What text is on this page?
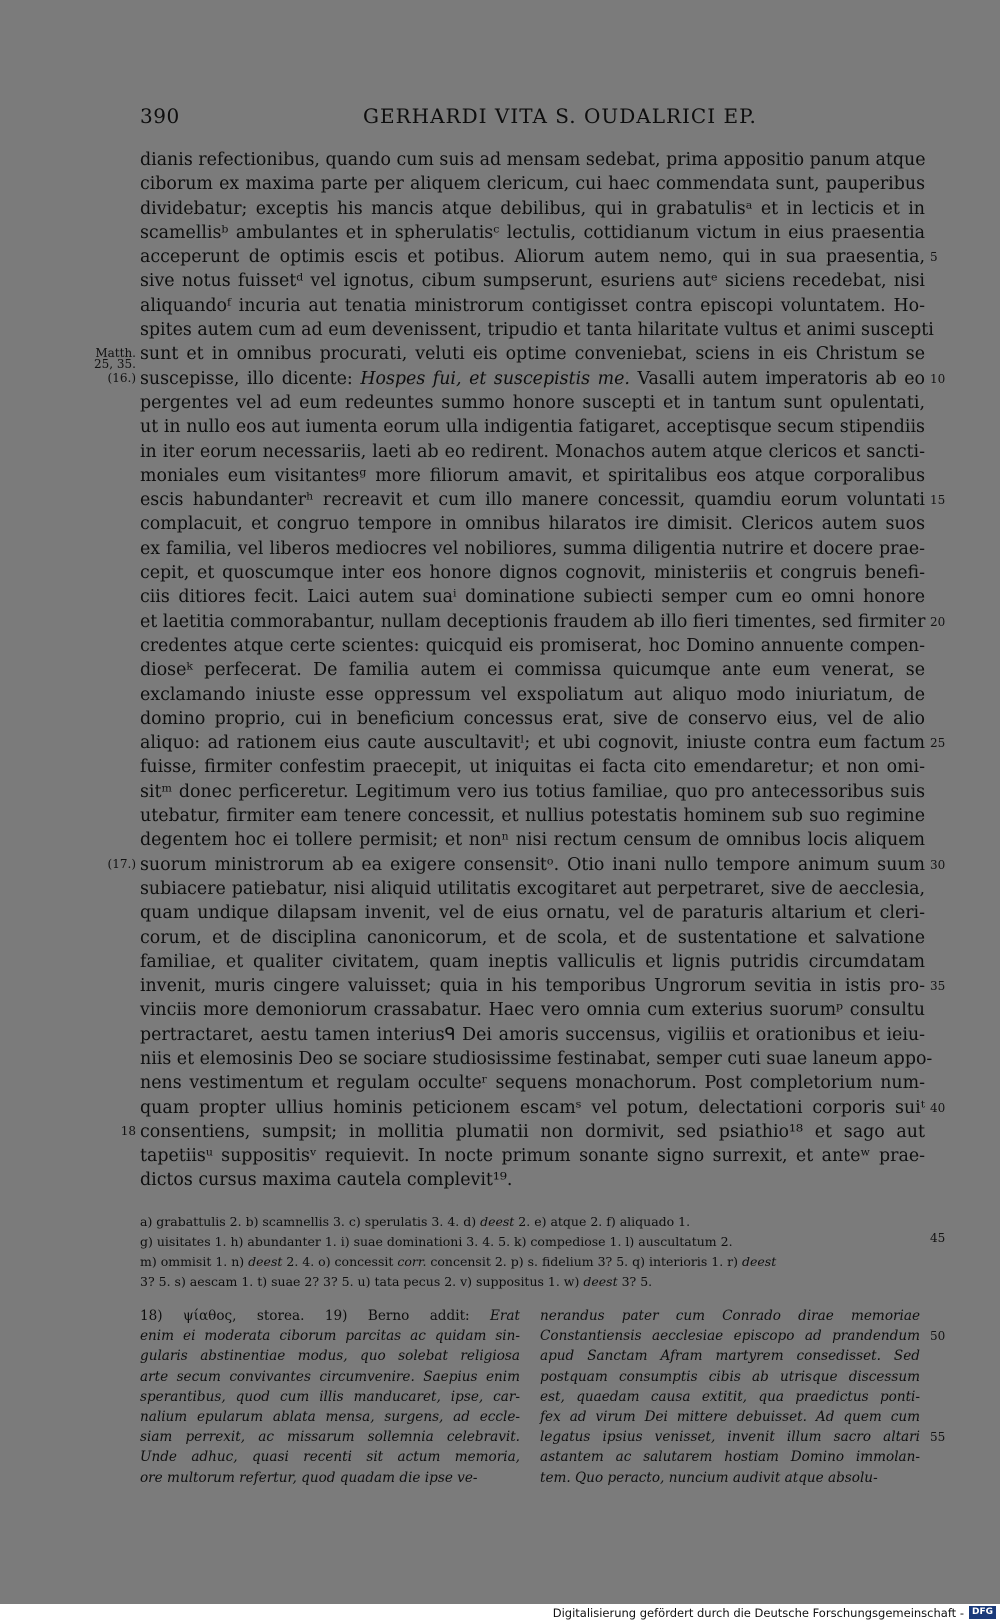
390	GERHARDI VITA S. OUDALRICI EP.
dianis refectionibus, quando cum suis ad mensam sedebat, prima appositio panum atque
ciborum ex maxima parte per aliquem clericum, cui haec commendata sunt, pauperibus
dividebatur; exceptis his mancis atque debilibus, qui in grabatulisᵃ et in lecticis et in
scamellisᵇ ambulantes et in spherulatisᶜ lectulis, cottidianum victum in eius praesentia
acceperunt de optimis escis et potibus. Aliorum autem nemo, qui in sua praesentia,
sive notus fuissetᵈ vel ignotus, cibum sumpserunt, esuriens autᵉ siciens recedebat, nisi
aliquandoᶠ incuria aut tenatia ministrorum contigisset contra episcopi voluntatem. Ho-
spites autem cum ad eum devenissent, tripudio et tanta hilaritate vultus et animi suscepti
sunt et in omnibus procurati, veluti eis optime conveniebat, sciens in eis Christum se
suscepisse, illo dicente: Hospes fui, et suscepistis me. Vasalli autem imperatoris ab eo
pergentes vel ad eum redeuntes summo honore suscepti et in tantum sunt opulentati,
ut in nullo eos aut iumenta eorum ulla indigentia fatigaret, acceptisque secum stipendiis
in iter eorum necessariis, laeti ab eo redirent. Monachos autem atque clericos et sancti-
moniales eum visitantesᵍ more filiorum amavit, et spiritalibus eos atque corporalibus
escis habundanterʰ recreavit et cum illo manere concessit, quamdiu eorum voluntati
complacuit, et congruo tempore in omnibus hilaratos ire dimisit. Clericos autem suos
ex familia, vel liberos mediocres vel nobiliores, summa diligentia nutrire et docere prae-
cepit, et quoscumque inter eos honore dignos cognovit, ministeriis et congruis benefi-
ciis ditiores fecit. Laici autem suaⁱ dominatione subiecti semper cum eo omni honore
et laetitia commorabantur, nullam deceptionis fraudem ab illo fieri timentes, sed firmiter
credentes atque certe scientes: quicquid eis promiserat, hoc Domino annuente compen-
dioseᵏ perfecerat. De familia autem ei commissa quicumque ante eum venerat, se
exclamando iniuste esse oppressum vel exspoliatum aut aliquo modo iniuriatum, de
domino proprio, cui in beneficium concessus erat, sive de conservo eius, vel de alio
aliquo: ad rationem eius caute auscultavitˡ; et ubi cognovit, iniuste contra eum factum
fuisse, firmiter confestim praecepit, ut iniquitas ei facta cito emendaretur; et non omi-
sitᵐ donec perficeretur. Legitimum vero ius totius familiae, quo pro antecessoribus suis
utebatur, firmiter eam tenere concessit, et nullius potestatis hominem sub suo regimine
degentem hoc ei tollere permisit; et nonⁿ nisi rectum censum de omnibus locis aliquem
suorum ministrorum ab ea exigere consensitᵒ. Otio inani nullo tempore animum suum
subiacere patiebatur, nisi aliquid utilitatis excogitaret aut perpetraret, sive de aecclesia,
quam undique dilapsam invenit, vel de eius ornatu, vel de paraturis altarium et cleri-
corum, et de disciplina canonicorum, et de scola, et de sustentatione et salvatione
familiae, et qualiter civitatem, quam ineptis valliculis et lignis putridis circumdatam
invenit, muris cingere valuisset; quia in his temporibus Ungrorum sevitia in istis pro-
vinciis more demoniorum crassabatur. Haec vero omnia cum exterius suorumᵖ consultu
pertractaret, aestu tamen interiusᑫ Dei amoris succensus, vigiliis et orationibus et ieiu-
niis et elemosinis Deo se sociare studiosissime festinabat, semper cuti suae laneum appo-
nens vestimentum et regulam occulteʳ sequens monachorum. Post completorium num-
quam propter ullius hominis peticionem escamˢ vel potum, delectationi corporis suiᵗ
consentiens, sumpsit; in mollitia plumatii non dormivit, sed psiathio¹⁸ et sago aut
tapetiisᵘ suppositisᵛ requievit. In nocte primum sonante signo surrexit, et anteʷ prae-
dictos cursus maxima cautela complevit¹⁹.
Matth.
25, 35.
(16.)
(17.)
18
5
10
15
20
25
30
35
40
a) grabattulis 2. b) scamnellis 3. c) sperulatis 3. 4. d) deest 2. e) atque 2. f) aliquado 1.
g) uisitates 1. h) abundanter 1. i) suae dominationi 3. 4. 5. k) compediose 1. l) auscultatum 2.
m) ommisit 1. n) deest 2. 4. o) concessit corr. concensit 2. p) s. fidelium 3? 5. q) interioris 1. r) deest
3? 5. s) aescam 1. t) suae 2? 3? 5. u) tata pecus 2. v) suppositus 1. w) deest 3? 5.
45
18) ψίαθος, storea. 19) Berno addit: Erat
enim ei moderata ciborum parcitas ac quidam sin-
gularis abstinentiae modus, quo solebat religiosa
arte secum convivantes circumvenire. Saepius enim
sperantibus, quod cum illis manducaret, ipse, car-
nalium epularum ablata mensa, surgens, ad eccle-
siam perrexit, ac missarum sollemnia celebravit.
Unde adhuc, quasi recenti sit actum memoria,
ore multorum refertur, quod quadam die ipse ve-
nerandus pater cum Conrado dirae memoriae
Constantiensis aecclesiae episcopo ad prandendum
apud Sanctam Afram martyrem consedisset. Sed
postquam consumptis cibis ab utrisque discessum
est, quaedam causa extitit, qua praedictus ponti-
fex ad virum Dei mittere debuisset. Ad quem cum
legatus ipsius venisset, invenit illum sacro altari
astantem ac salutarem hostiam Domino immolan-
tem. Quo peracto, nuncium audivit atque absolu-
50
55
Digitalisierung gefördert durch die Deutsche Forschungsgemeinschaft - DFG
